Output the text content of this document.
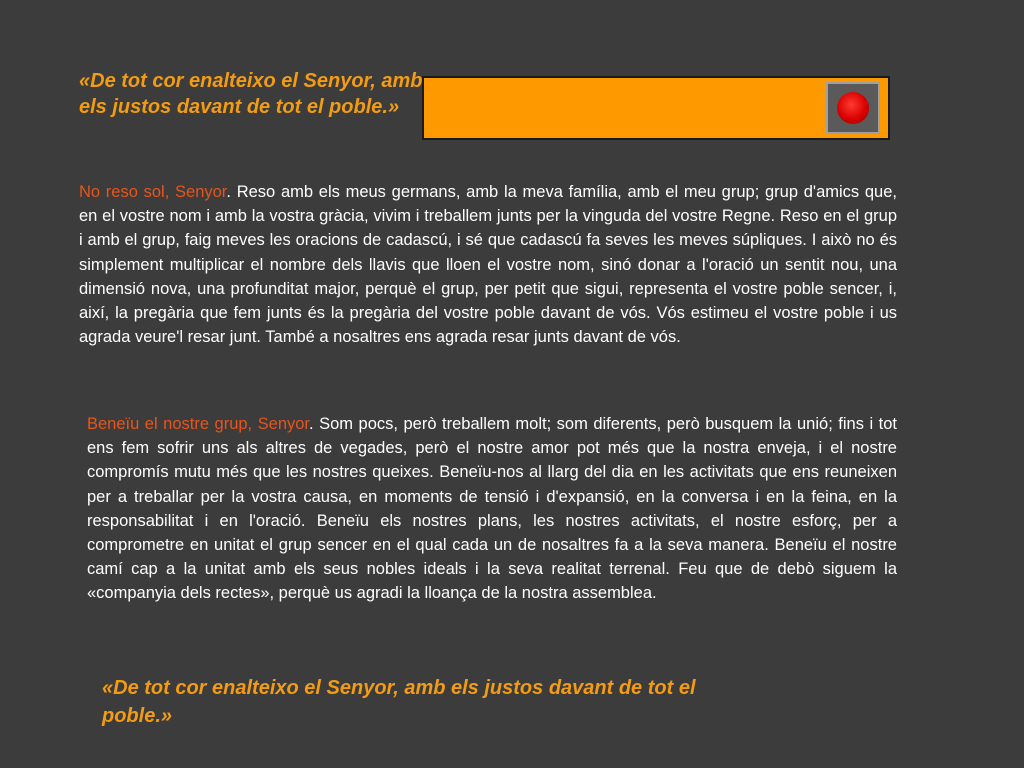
«De tot cor enalteixo el Senyor, amb els justos davant de tot el poble.»

No reso sol, Senyor. Reso amb els meus germans, amb la meva família, amb el meu grup; grup d'amics que, en el vostre nom i amb la vostra gràcia, vivim i treballem junts per la vinguda del vostre Regne. Reso en el grup i amb el grup, faig meves les oracions de cadascú, i sé que cadascú fa seves les meves súpliques. I això no és simplement multiplicar el nombre dels llavis que lloen el vostre nom, sinó donar a l'oració un sentit nou, una dimensió nova, una profunditat major, perquè el grup, per petit que sigui, representa el vostre poble sencer, i, així, la pregària que fem junts és la pregària del vostre poble davant de vós. Vós estimeu el vostre poble i us agrada veure'l resar junt. També a nosaltres ens agrada resar junts davant de vós.

Beneïu el nostre grup, Senyor. Som pocs, però treballem molt; som diferents, però busquem la unió; fins i tot ens fem sofrir uns als altres de vegades, però el nostre amor pot més que la nostra enveja, i el nostre compromís mutu més que les nostres queixes. Beneïu-nos al llarg del dia en les activitats que ens reuneixen per a treballar per la vostra causa, en moments de tensió i d'expansió, en la conversa i en la feina, en la responsabilitat i en l'oració. Beneïu els nostres plans, les nostres activitats, el nostre esforç, per a comprometre en unitat el grup sencer en el qual cada un de nosaltres fa a la seva manera. Beneïu el nostre camí cap a la unitat amb els seus nobles ideals i la seva realitat terrenal. Feu que de debò siguem la «companyia dels rectes», perquè us agradi la lloança de la nostra assemblea.

«De tot cor enalteixo el Senyor, amb els justos davant de tot el poble.»
